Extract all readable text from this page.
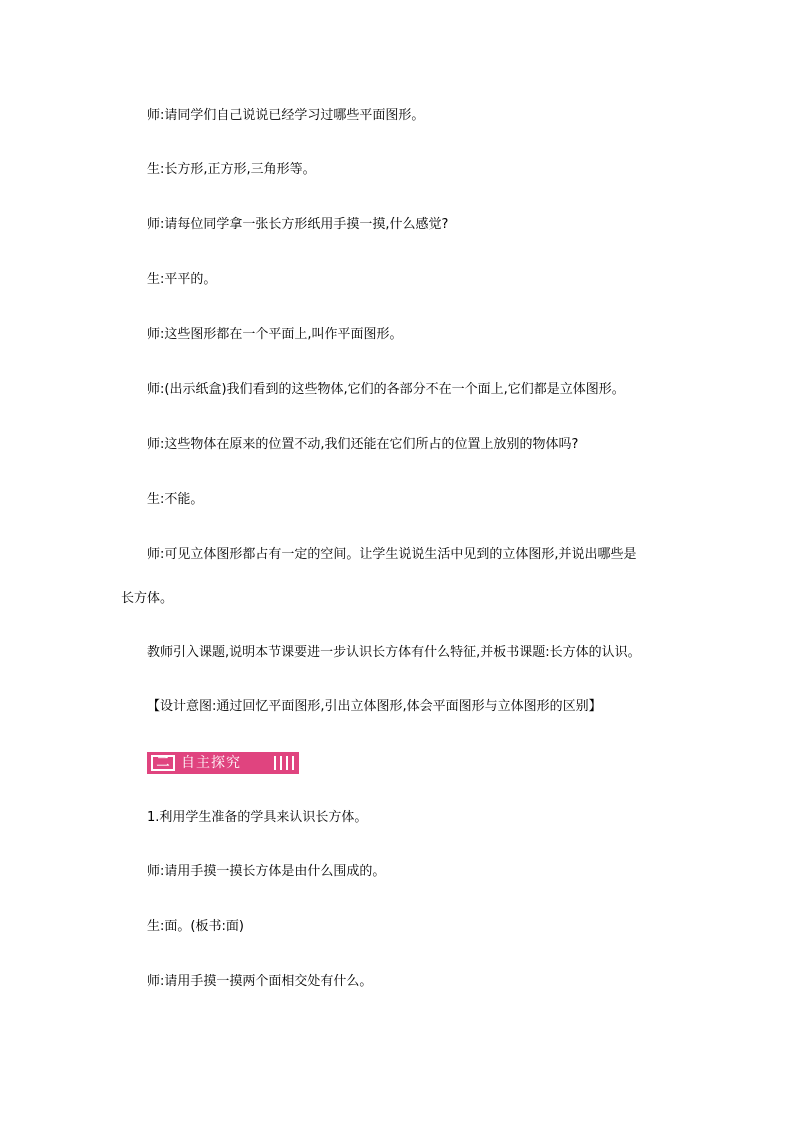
师:请同学们自己说说已经学习过哪些平面图形。
生:长方形,正方形,三角形等。
师:请每位同学拿一张长方形纸用手摸一摸,什么感觉?
生:平平的。
师:这些图形都在一个平面上,叫作平面图形。
师:(出示纸盒)我们看到的这些物体,它们的各部分不在一个面上,它们都是立体图形。
师:这些物体在原来的位置不动,我们还能在它们所占的位置上放别的物体吗?
生:不能。
师:可见立体图形都占有一定的空间。让学生说说生活中见到的立体图形,并说出哪些是
长方体。
教师引入课题,说明本节课要进一步认识长方体有什么特征,并板书课题:长方体的认识。
【设计意图:通过回忆平面图形,引出立体图形,体会平面图形与立体图形的区别】
二 自主探究
1.利用学生准备的学具来认识长方体。
师:请用手摸一摸长方体是由什么围成的。
生:面。(板书:面)
师:请用手摸一摸两个面相交处有什么。
